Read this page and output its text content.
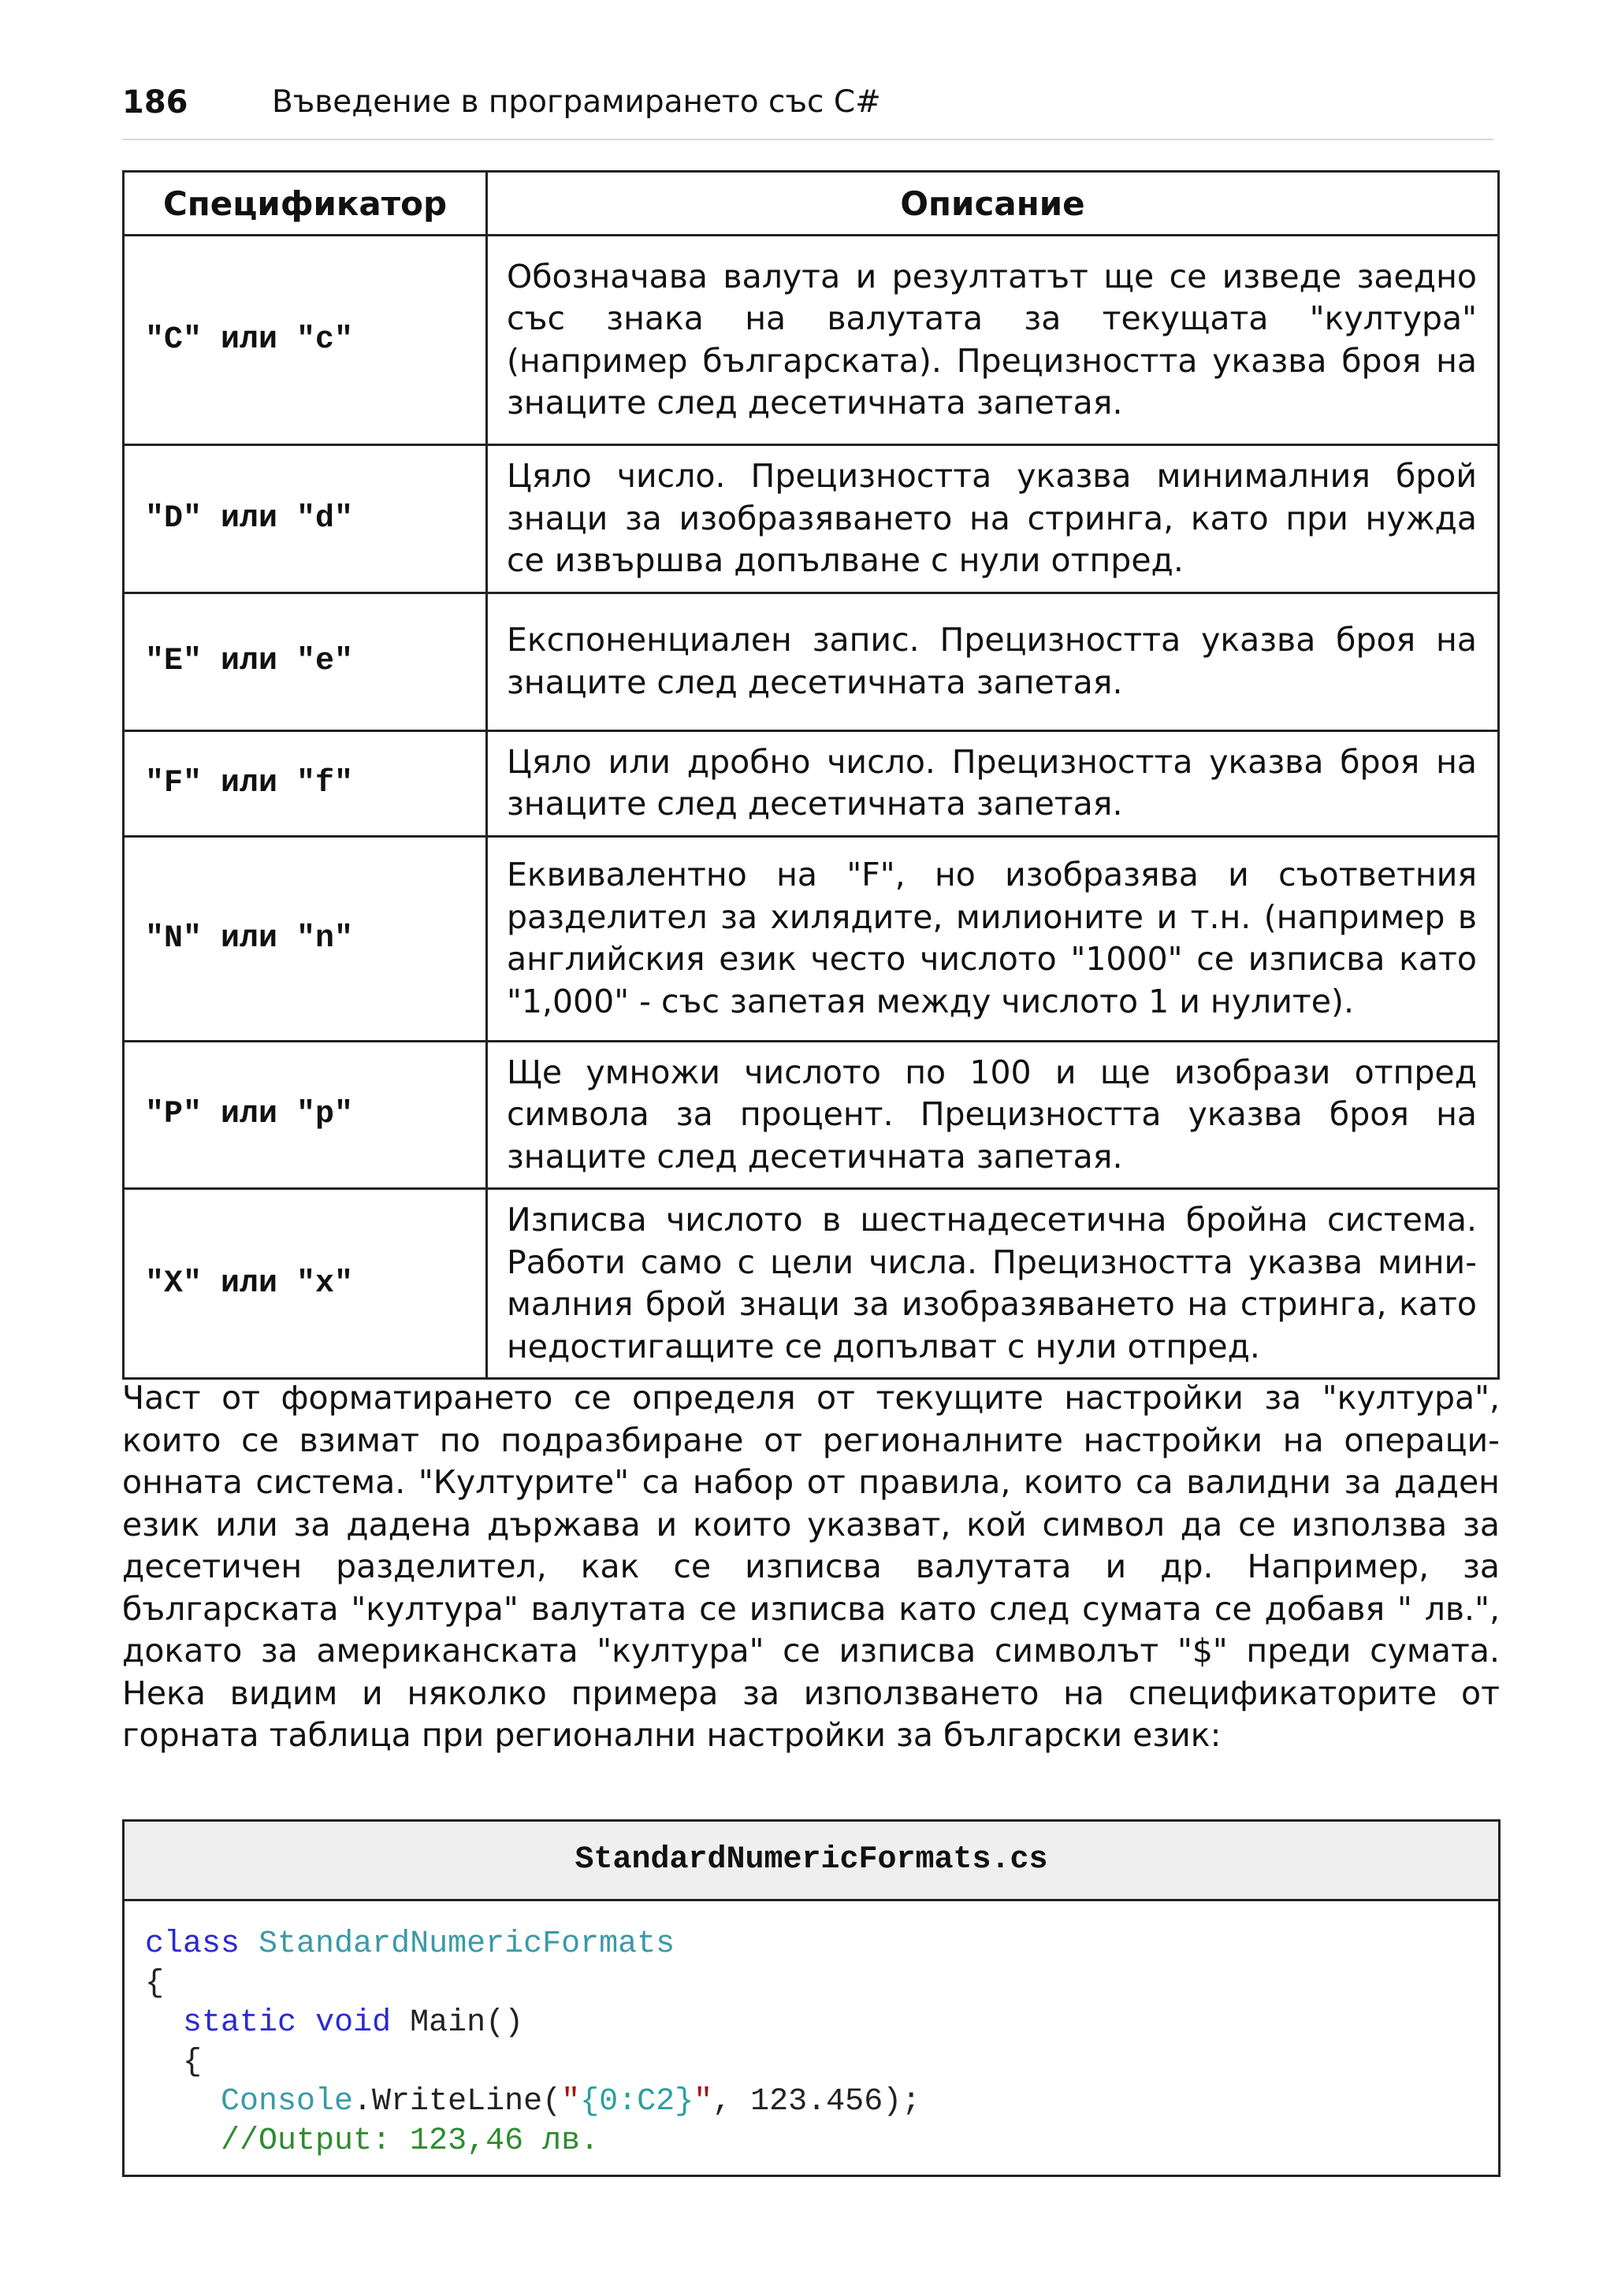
186	Въведение в програмирането със C#
Спецификатор	Описание
"C" или "c"	Обозначава валута и резултатът ще се изведе заедно със знака на валутата за текущата "култура" (например българската). Прецизността указва броя на знаците след десетичната запетая.
"D" или "d"	Цяло число. Прецизността указва минималния брой знаци за изобразяването на стринга, като при нужда се извършва допълване с нули отпред.
"E" или "e"	Експоненциален запис. Прецизността указва броя на знаците след десетичната запетая.
"F" или "f"	Цяло или дробно число. Прецизността указва броя на знаците след десетичната запетая.
"N" или "n"	Еквивалентно на "F", но изобразява и съответния разделител за хилядите, милионите и т.н. (например в английския език често числото "1000" се изписва като "1,000" - със запетая между числото 1 и нулите).
"P" или "p"	Ще умножи числото по 100 и ще изобрази отпред символа за процент. Прецизността указва броя на знаците след десетичната запетая.
"X" или "x"	Изписва числото в шестнадесетична бройна система. Работи само с цели числа. Прецизността указва минималния брой знаци за изобразяването на стринга, като недостигащите се допълват с нули отпред.

Част от форматирането се определя от текущите настройки за "култура", които се взимат по подразбиране от регионалните настройки на операционната система. "Културите" са набор от правила, които са валидни за даден език или за дадена държава и които указват, кой символ да се използва за десетичен разделител, как се изписва валутата и др. Например, за българската "култура" валутата се изписва като след сумата се добавя " лв.", докато за американската "култура" се изписва символът "$" преди сумата. Нека видим и няколко примера за използването на спецификаторите от горната таблица при регионални настройки за български език:

StandardNumericFormats.cs
class StandardNumericFormats
{
static void Main()
{
Console.WriteLine("{0:C2}", 123.456);
//Output: 123,46 лв.
